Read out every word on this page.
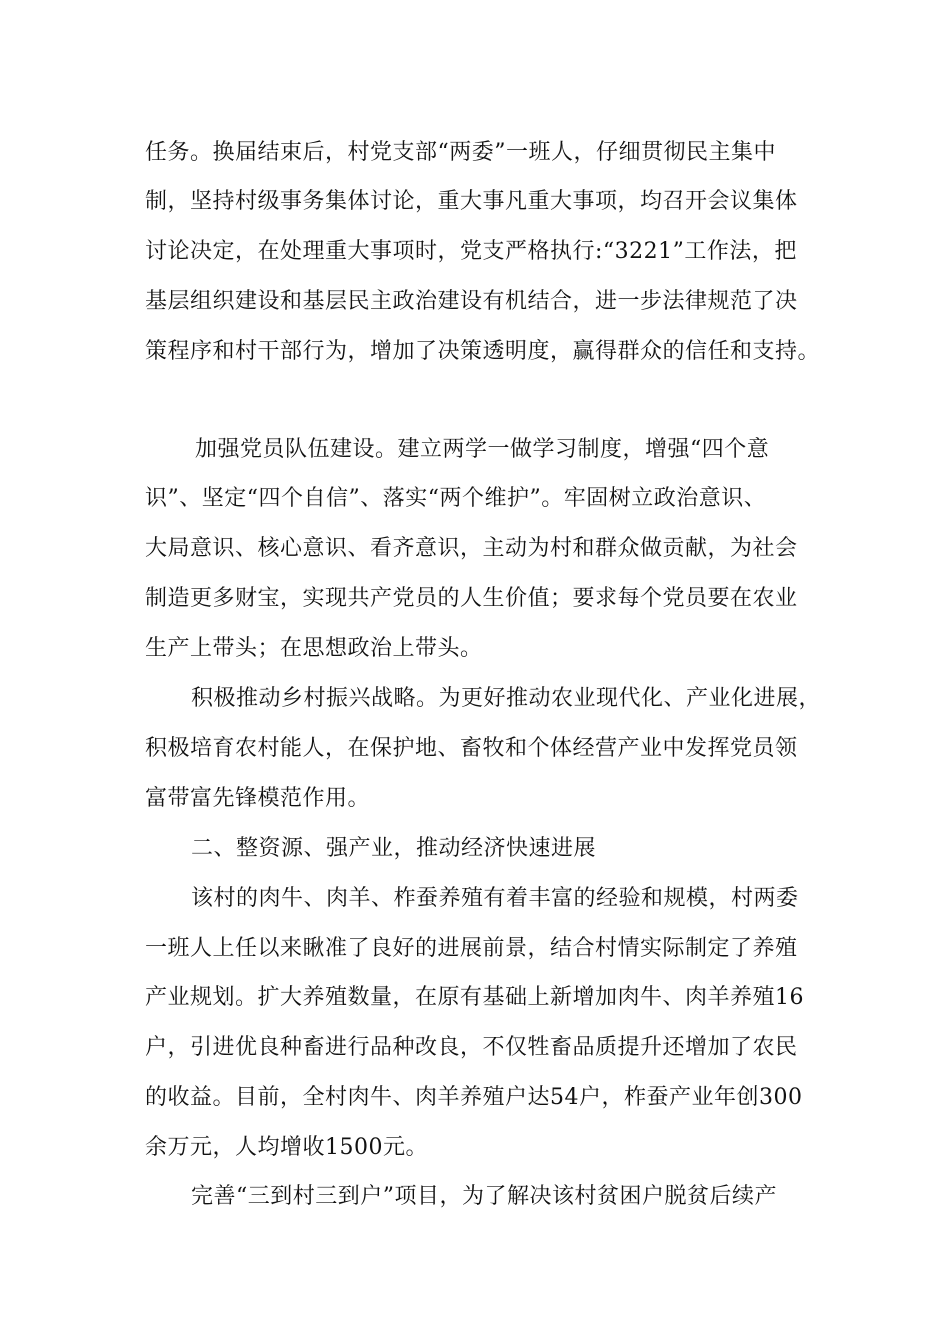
任务。换届结束后，村党支部“两委”一班人，仔细贯彻民主集中
制，坚持村级事务集体讨论，重大事凡重大事项，均召开会议集体
讨论决定，在处理重大事项时，党支严格执行:“3221”工作法，把
基层组织建设和基层民主政治建设有机结合，进一步法律规范了决
策程序和村干部行为，增加了决策透明度，赢得群众的信任和支持。
加强党员队伍建设。建立两学一做学习制度，增强“四个意
识”、坚定“四个自信”、落实“两个维护”。牢固树立政治意识、
大局意识、核心意识、看齐意识，主动为村和群众做贡献，为社会
制造更多财宝，实现共产党员的人生价值；要求每个党员要在农业
生产上带头；在思想政治上带头。
积极推动乡村振兴战略。为更好推动农业现代化、产业化进展，
积极培育农村能人，在保护地、畜牧和个体经营产业中发挥党员领
富带富先锋模范作用。
二、整资源、强产业，推动经济快速进展
该村的肉牛、肉羊、柞蚕养殖有着丰富的经验和规模，村两委
一班人上任以来瞅准了良好的进展前景，结合村情实际制定了养殖
产业规划。扩大养殖数量，在原有基础上新增加肉牛、肉羊养殖16
户，引进优良种畜进行品种改良，不仅牲畜品质提升还增加了农民
的收益。目前，全村肉牛、肉羊养殖户达54户，柞蚕产业年创300
余万元，人均增收1500元。
完善“三到村三到户”项目，为了解决该村贫困户脱贫后续产
